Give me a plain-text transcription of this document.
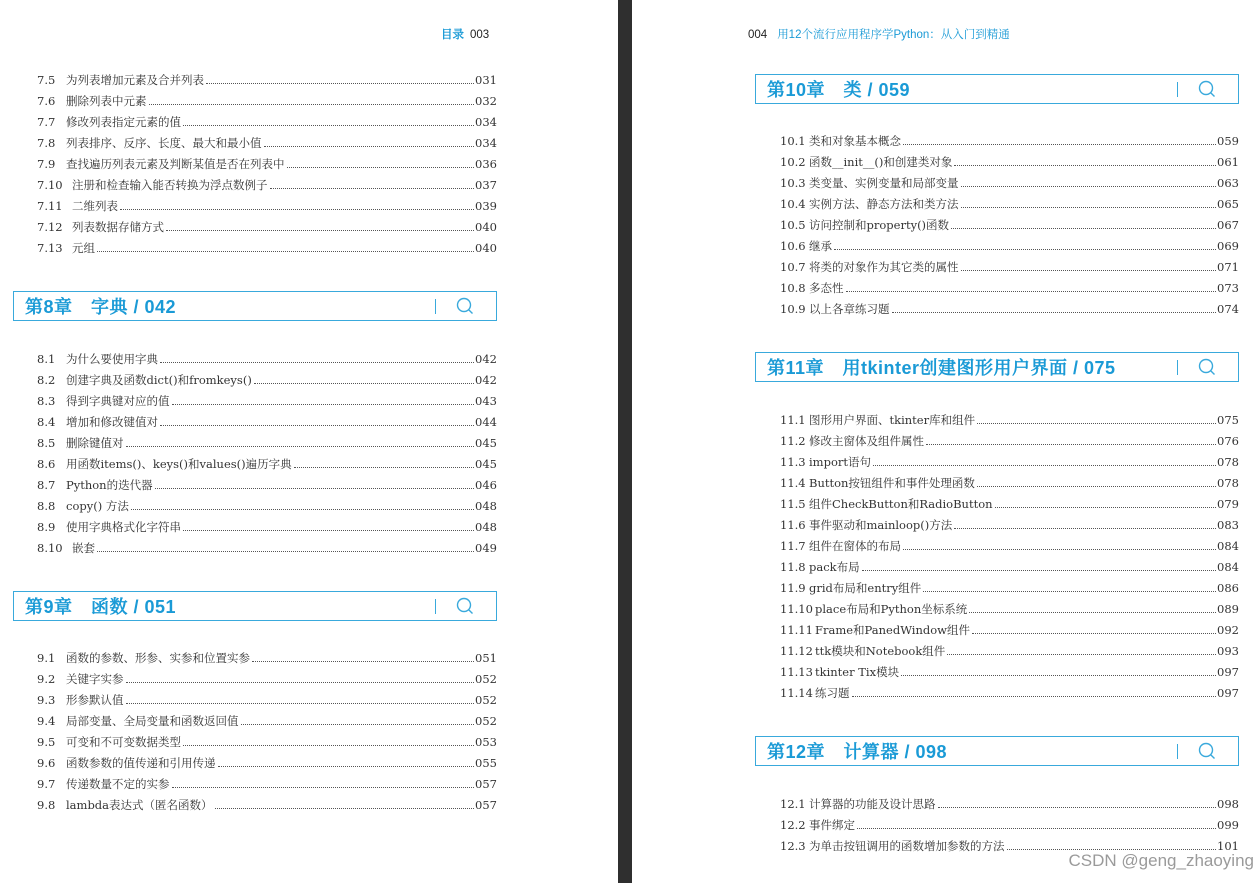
目录 003
7.5 为列表增加元素及合并列表	031
7.6 删除列表中元素	032
7.7 修改列表指定元素的值	034
7.8 列表排序、反序、长度、最大和最小值	034
7.9 查找遍历列表元素及判断某值是否在列表中	036
7.10 注册和检查输入能否转换为浮点数例子	037
7.11 二维列表	039
7.12 列表数据存储方式	040
7.13 元组	040
第8章　字典 / 042
8.1 为什么要使用字典	042
8.2 创建字典及函数dict()和fromkeys()	042
8.3 得到字典键对应的值	043
8.4 增加和修改键值对	044
8.5 删除键值对	045
8.6 用函数items()、keys()和values()遍历字典	045
8.7 Python的迭代器	046
8.8 copy() 方法	048
8.9 使用字典格式化字符串	048
8.10 嵌套	049
第9章　函数 / 051
9.1 函数的参数、形参、实参和位置实参	051
9.2 关键字实参	052
9.3 形参默认值	052
9.4 局部变量、全局变量和函数返回值	052
9.5 可变和不可变数据类型	053
9.6 函数参数的值传递和引用传递	055
9.7 传递数量不定的实参	057
9.8 lambda表达式（匿名函数）	057
004 用12个流行应用程序学Python：从入门到精通
第10章　类 / 059
10.1 类和对象基本概念	059
10.2 函数__init__()和创建类对象	061
10.3 类变量、实例变量和局部变量	063
10.4 实例方法、静态方法和类方法	065
10.5 访问控制和property()函数	067
10.6 继承	069
10.7 将类的对象作为其它类的属性	071
10.8 多态性	073
10.9 以上各章练习题	074
第11章　用tkinter创建图形用户界面 / 075
11.1 图形用户界面、tkinter库和组件	075
11.2 修改主窗体及组件属性	076
11.3 import语句	078
11.4 Button按钮组件和事件处理函数	078
11.5 组件CheckButton和RadioButton	079
11.6 事件驱动和mainloop()方法	083
11.7 组件在窗体的布局	084
11.8 pack布局	084
11.9 grid布局和entry组件	086
11.10 place布局和Python坐标系统	089
11.11 Frame和PanedWindow组件	092
11.12 ttk模块和Notebook组件	093
11.13 tkinter Tix模块	097
11.14 练习题	097
第12章　计算器 / 098
12.1 计算器的功能及设计思路	098
12.2 事件绑定	099
12.3 为单击按钮调用的函数增加参数的方法	101
CSDN @geng_zhaoying
